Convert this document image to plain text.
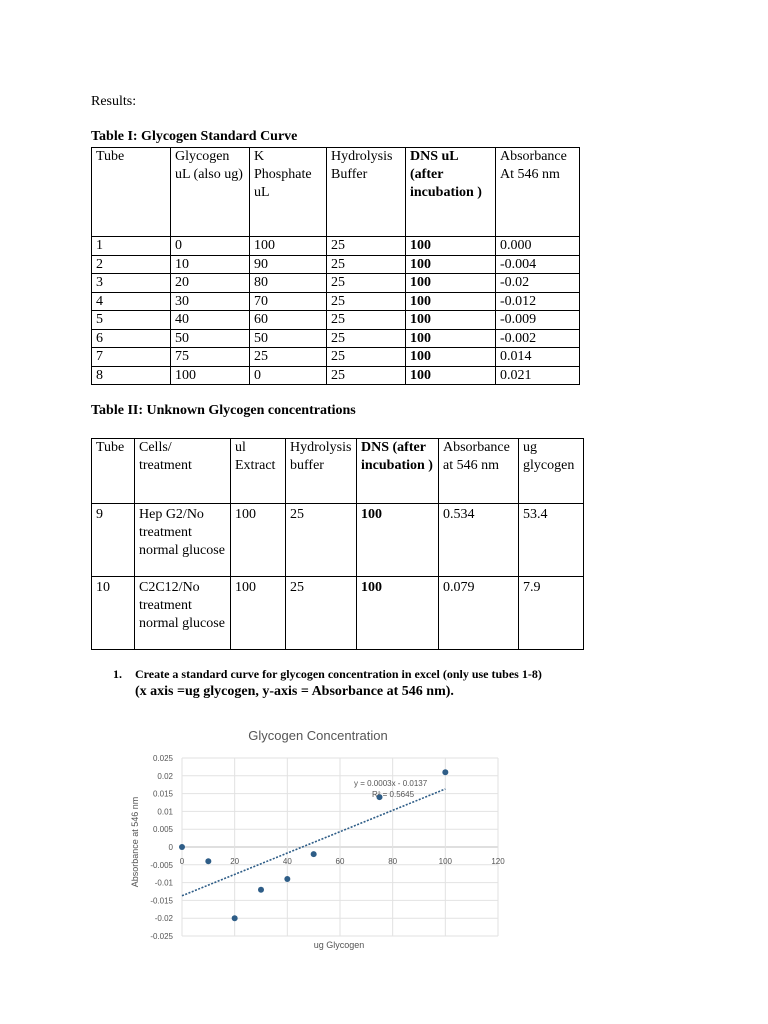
Results:
Table I: Glycogen Standard Curve
Tube	Glycogen uL (also ug)	K Phosphate uL	Hydrolysis Buffer	DNS uL (after incubation )	Absorbance At 546 nm
1	0	100	25	100	0.000
2	10	90	25	100	-0.004
3	20	80	25	100	-0.02
4	30	70	25	100	-0.012
5	40	60	25	100	-0.009
6	50	50	25	100	-0.002
7	75	25	25	100	0.014
8	100	0	25	100	0.021
Table II: Unknown Glycogen concentrations
Tube	Cells/ treatment	ul Extract	Hydrolysis buffer	DNS (after incubation )	Absorbance at 546 nm	ug glycogen
9	Hep G2/No treatment normal glucose	100	25	100	0.534	53.4
10	C2C12/No treatment normal glucose	100	25	100	0.079	7.9
1. Create a standard curve for glycogen concentration in excel (only use tubes 1-8)
(x axis =ug glycogen, y-axis = Absorbance at 546 nm).
Glycogen Concentration
0.025
0.02
0.015
0.01
0.005
0
-0.005
-0.01
-0.015
-0.02
-0.025
0	20	40	60	80	100	120
Absorbance at 546 nm
ug Glycogen
y = 0.0003x - 0.0137
R² = 0.5645
